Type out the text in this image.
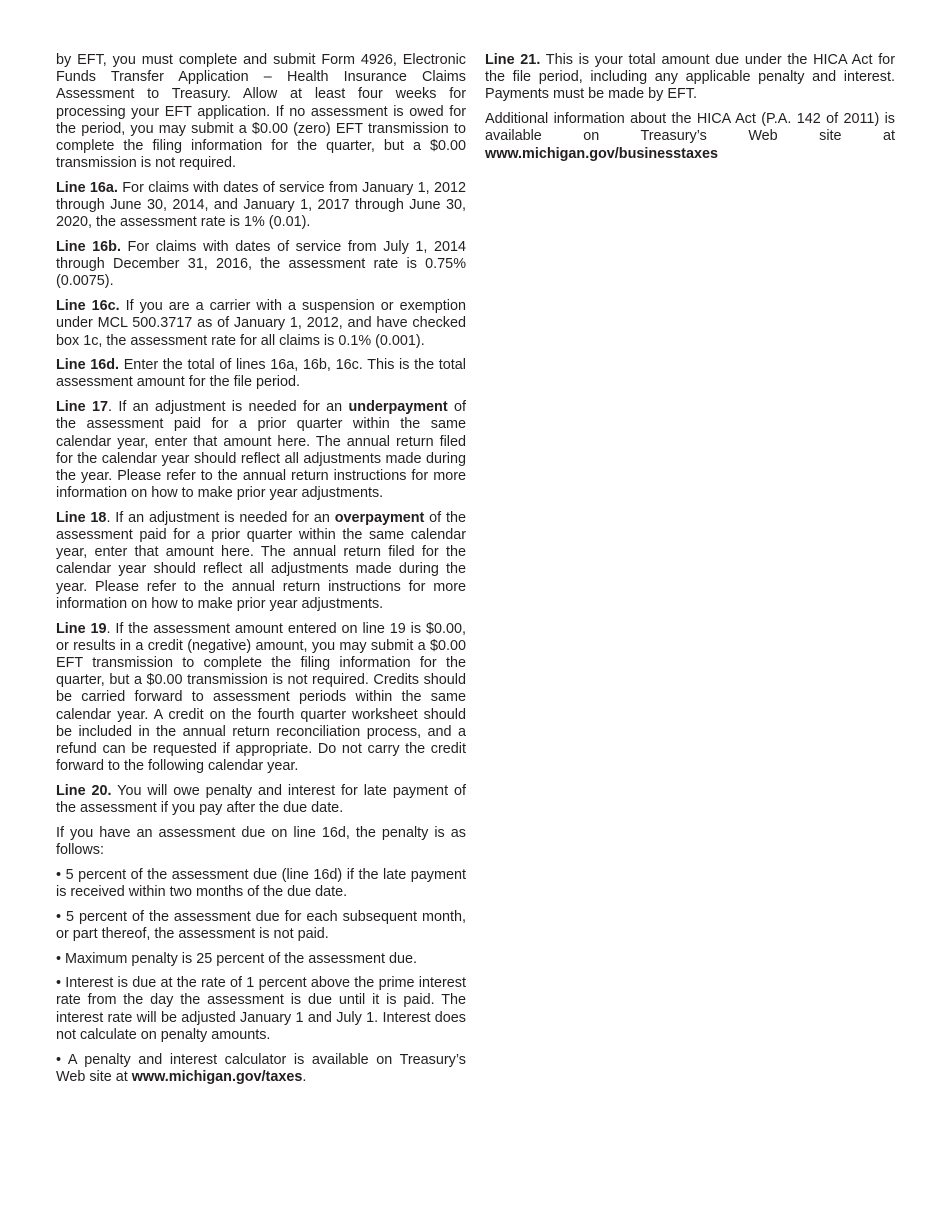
by EFT, you must complete and submit Form 4926, Electronic Funds Transfer Application – Health Insurance Claims Assessment to Treasury. Allow at least four weeks for processing your EFT application. If no assessment is owed for the period, you may submit a $0.00 (zero) EFT transmission to complete the filing information for the quarter, but a $0.00 transmission is not required.

Line 16a. For claims with dates of service from January 1, 2012 through June 30, 2014, and January 1, 2017 through June 30, 2020, the assessment rate is 1% (0.01).

Line 16b. For claims with dates of service from July 1, 2014 through December 31, 2016, the assessment rate is 0.75% (0.0075).

Line 16c. If you are a carrier with a suspension or exemption under MCL 500.3717 as of January 1, 2012, and have checked box 1c, the assessment rate for all claims is 0.1% (0.001).

Line 16d. Enter the total of lines 16a, 16b, 16c. This is the total assessment amount for the file period.

Line 17. If an adjustment is needed for an underpayment of the assessment paid for a prior quarter within the same calendar year, enter that amount here. The annual return filed for the calendar year should reflect all adjustments made during the year. Please refer to the annual return instructions for more information on how to make prior year adjustments.

Line 18. If an adjustment is needed for an overpayment of the assessment paid for a prior quarter within the same calendar year, enter that amount here. The annual return filed for the calendar year should reflect all adjustments made during the year. Please refer to the annual return instructions for more information on how to make prior year adjustments.

Line 19. If the assessment amount entered on line 19 is $0.00, or results in a credit (negative) amount, you may submit a $0.00 EFT transmission to complete the filing information for the quarter, but a $0.00 transmission is not required. Credits should be carried forward to assessment periods within the same calendar year. A credit on the fourth quarter worksheet should be included in the annual return reconciliation process, and a refund can be requested if appropriate. Do not carry the credit forward to the following calendar year.

Line 20. You will owe penalty and interest for late payment of the assessment if you pay after the due date.

If you have an assessment due on line 16d, the penalty is as follows:

• 5 percent of the assessment due (line 16d) if the late payment is received within two months of the due date.

• 5 percent of the assessment due for each subsequent month, or part thereof, the assessment is not paid.

• Maximum penalty is 25 percent of the assessment due.

• Interest is due at the rate of 1 percent above the prime interest rate from the day the assessment is due until it is paid. The interest rate will be adjusted January 1 and July 1. Interest does not calculate on penalty amounts.

• A penalty and interest calculator is available on Treasury’s Web site at www.michigan.gov/taxes.

Line 21. This is your total amount due under the HICA Act for the file period, including any applicable penalty and interest. Payments must be made by EFT.

Additional information about the HICA Act (P.A. 142 of 2011) is available on Treasury’s Web site at www.michigan.gov/businesstaxes
